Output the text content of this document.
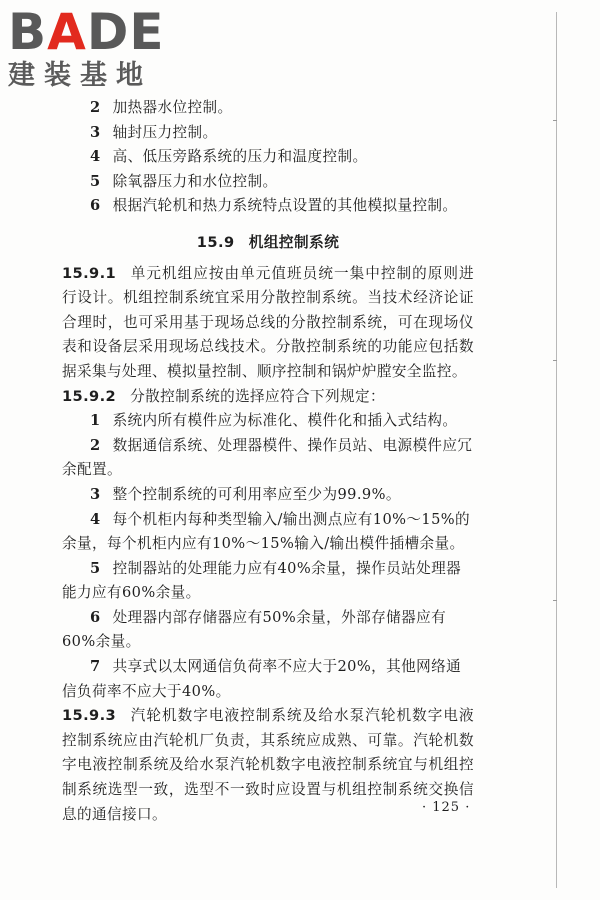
BADE
建装基地

2 加热器水位控制。

3 轴封压力控制。

4 高、低压旁路系统的压力和温度控制。

5 除氧器压力和水位控制。

6 根据汽轮机和热力系统特点设置的其他模拟量控制。

15.9 机组控制系统

15.9.1 单元机组应按由单元值班员统一集中控制的原则进行设计。机组控制系统宜采用分散控制系统。当技术经济论证合理时，也可采用基于现场总线的分散控制系统，可在现场仪表和设备层采用现场总线技术。分散控制系统的功能应包括数据采集与处理、模拟量控制、顺序控制和锅炉炉膛安全监控。

15.9.2 分散控制系统的选择应符合下列规定：

1 系统内所有模件应为标准化、模件化和插入式结构。

2 数据通信系统、处理器模件、操作员站、电源模件应冗余配置。

3 整个控制系统的可利用率应至少为99.9%。

4 每个机柜内每种类型输入/输出测点应有10%～15%的余量，每个机柜内应有10%～15%输入/输出模件插槽余量。

5 控制器站的处理能力应有40%余量，操作员站处理器能力应有60%余量。

6 处理器内部存储器应有50%余量，外部存储器应有60%余量。

7 共享式以太网通信负荷率不应大于20%，其他网络通信负荷率不应大于40%。

15.9.3 汽轮机数字电液控制系统及给水泵汽轮机数字电液控制系统应由汽轮机厂负责，其系统应成熟、可靠。汽轮机数字电液控制系统及给水泵汽轮机数字电液控制系统宜与机组控制系统选型一致，选型不一致时应设置与机组控制系统交换信息的通信接口。	· 125 ·
